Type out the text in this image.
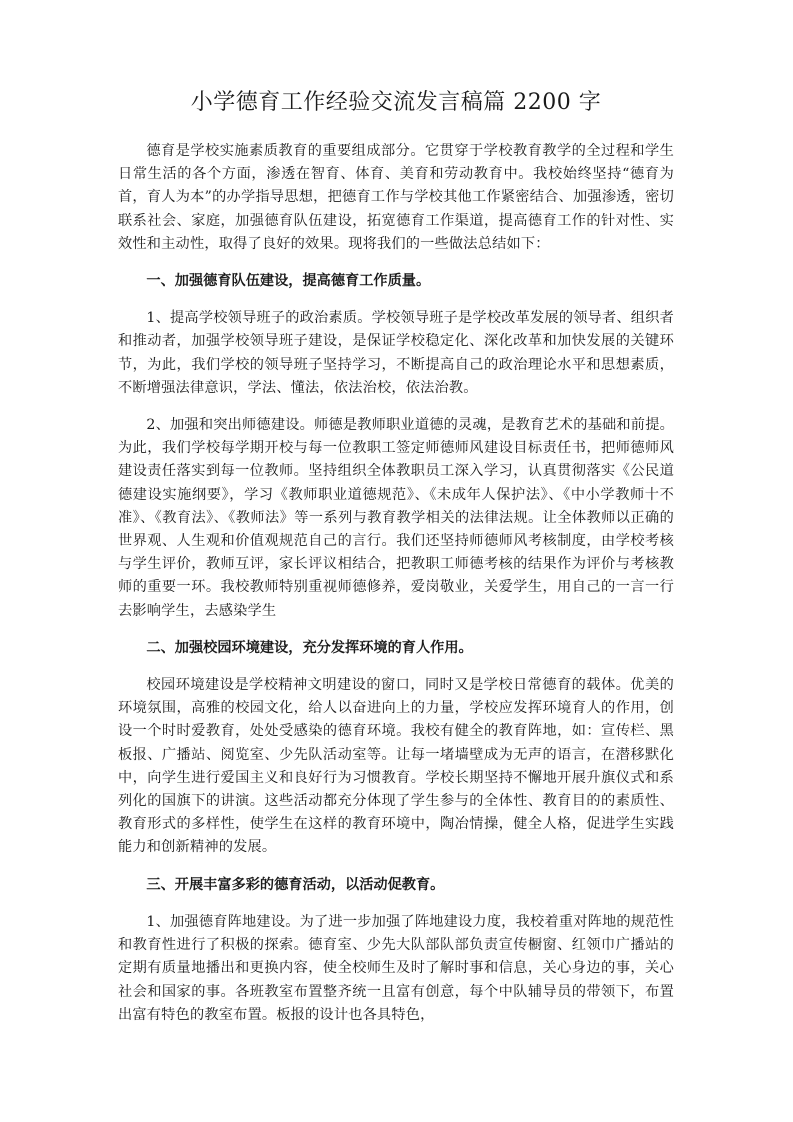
小学德育工作经验交流发言稿篇 2200 字

德育是学校实施素质教育的重要组成部分。它贯穿于学校教育教学的全过程和学生日常生活的各个方面，渗透在智育、体育、美育和劳动教育中。我校始终坚持“德育为首，育人为本”的办学指导思想，把德育工作与学校其他工作紧密结合、加强渗透，密切联系社会、家庭，加强德育队伍建设，拓宽德育工作渠道，提高德育工作的针对性、实效性和主动性，取得了良好的效果。现将我们的一些做法总结如下：

一、加强德育队伍建设，提高德育工作质量。

1、提高学校领导班子的政治素质。学校领导班子是学校改革发展的领导者、组织者和推动者，加强学校领导班子建设，是保证学校稳定化、深化改革和加快发展的关键环节，为此，我们学校的领导班子坚持学习，不断提高自己的政治理论水平和思想素质，不断增强法律意识，学法、懂法，依法治校，依法治教。

2、加强和突出师德建设。师德是教师职业道德的灵魂，是教育艺术的基础和前提。为此，我们学校每学期开校与每一位教职工签定师德师风建设目标责任书，把师德师风建设责任落实到每一位教师。坚持组织全体教职员工深入学习，认真贯彻落实《公民道德建设实施纲要》，学习《教师职业道德规范》、《未成年人保护法》、《中小学教师十不准》、《教育法》、《教师法》等一系列与教育教学相关的法律法规。让全体教师以正确的世界观、人生观和价值观规范自己的言行。我们还坚持师德师风考核制度，由学校考核与学生评价，教师互评，家长评议相结合，把教职工师德考核的结果作为评价与考核教师的重要一环。我校教师特别重视师德修养，爱岗敬业，关爱学生，用自己的一言一行去影响学生，去感染学生

二、加强校园环境建设，充分发挥环境的育人作用。

校园环境建设是学校精神文明建设的窗口，同时又是学校日常德育的载体。优美的环境氛围，高雅的校园文化，给人以奋进向上的力量，学校应发挥环境育人的作用，创设一个时时爱教育，处处受感染的德育环境。我校有健全的教育阵地，如：宣传栏、黑板报、广播站、阅览室、少先队活动室等。让每一堵墙壁成为无声的语言，在潜移默化中，向学生进行爱国主义和良好行为习惯教育。学校长期坚持不懈地开展升旗仪式和系列化的国旗下的讲演。这些活动都充分体现了学生参与的全体性、教育目的的素质性、教育形式的多样性，使学生在这样的教育环境中，陶冶情操，健全人格，促进学生实践能力和创新精神的发展。

三、开展丰富多彩的德育活动，以活动促教育。

1、加强德育阵地建设。为了进一步加强了阵地建设力度，我校着重对阵地的规范性和教育性进行了积极的探索。德育室、少先大队部队部负责宣传橱窗、红领巾广播站的定期有质量地播出和更换内容，使全校师生及时了解时事和信息，关心身边的事，关心社会和国家的事。各班教室布置整齐统一且富有创意，每个中队辅导员的带领下，布置出富有特色的教室布置。板报的设计也各具特色，
